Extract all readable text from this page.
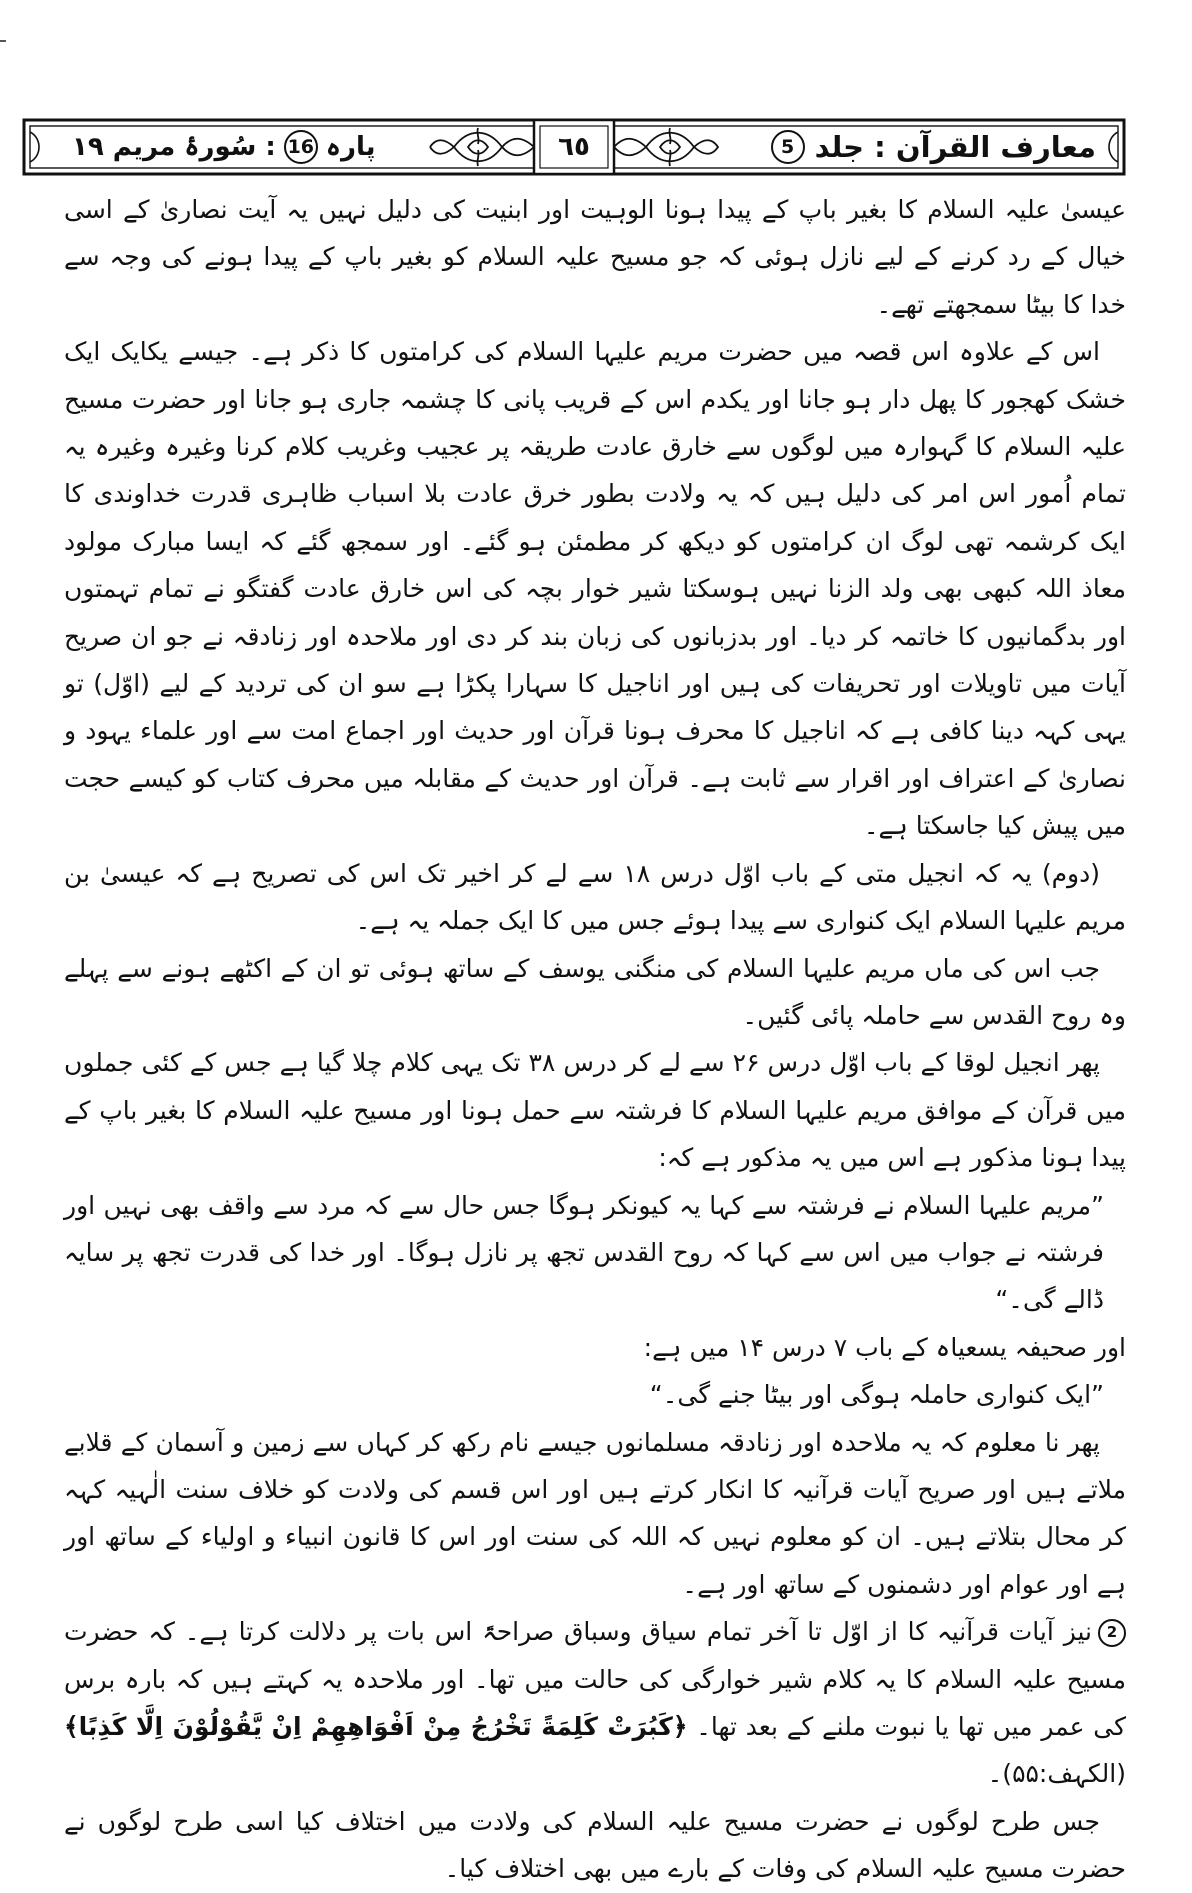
معارف القرآن : جلد
5
٦٥
پارہ
16
: سُورۂ مریم ۱۹

عیسیٰ علیہ السلام کا بغیر باپ کے پیدا ہونا الوہیت اور ابنیت کی دلیل نہیں یہ آیت نصاریٰ کے اسی خیال کے رد کرنے کے لیے نازل ہوئی کہ جو مسیح علیہ السلام کو بغیر باپ کے پیدا ہونے کی وجہ سے خدا کا بیٹا سمجھتے تھے۔

اس کے علاوہ اس قصہ میں حضرت مریم علیہا السلام کی کرامتوں کا ذکر ہے۔ جیسے یکایک ایک خشک کھجور کا پھل دار ہو جانا اور یکدم اس کے قریب پانی کا چشمہ جاری ہو جانا اور حضرت مسیح علیہ السلام کا گہوارہ میں لوگوں سے خارق عادت طریقہ پر عجیب وغریب کلام کرنا وغیرہ وغیرہ یہ تمام اُمور اس امر کی دلیل ہیں کہ یہ ولادت بطور خرق عادت بلا اسباب ظاہری قدرت خداوندی کا ایک کرشمہ تھی لوگ ان کرامتوں کو دیکھ کر مطمئن ہو گئے۔ اور سمجھ گئے کہ ایسا مبارک مولود معاذ اللہ کبھی بھی ولد الزنا نہیں ہوسکتا شیر خوار بچہ کی اس خارق عادت گفتگو نے تمام تہمتوں اور بدگمانیوں کا خاتمہ کر دیا۔ اور بدزبانوں کی زبان بند کر دی اور ملاحدہ اور زنادقہ نے جو ان صریح آیات میں تاویلات اور تحریفات کی ہیں اور اناجیل کا سہارا پکڑا ہے سو ان کی تردید کے لیے (اوّل) تو یہی کہہ دینا کافی ہے کہ اناجیل کا محرف ہونا قرآن اور حدیث اور اجماع امت سے اور علماء یہود و نصاریٰ کے اعتراف اور اقرار سے ثابت ہے۔ قرآن اور حدیث کے مقابلہ میں محرف کتاب کو کیسے حجت میں پیش کیا جاسکتا ہے۔

(دوم) یہ کہ انجیل متی کے باب اوّل درس ۱۸ سے لے کر اخیر تک اس کی تصریح ہے کہ عیسیٰ بن مریم علیہا السلام ایک کنواری سے پیدا ہوئے جس میں کا ایک جملہ یہ ہے۔

جب اس کی ماں مریم علیہا السلام کی منگنی یوسف کے ساتھ ہوئی تو ان کے اکٹھے ہونے سے پہلے وہ روح القدس سے حاملہ پائی گئیں۔

پھر انجیل لوقا کے باب اوّل درس ۲۶ سے لے کر درس ۳۸ تک یہی کلام چلا گیا ہے جس کے کئی جملوں میں قرآن کے موافق مریم علیہا السلام کا فرشتہ سے حمل ہونا اور مسیح علیہ السلام کا بغیر باپ کے پیدا ہونا مذکور ہے اس میں یہ مذکور ہے کہ:

”مریم علیہا السلام نے فرشتہ سے کہا یہ کیونکر ہوگا جس حال سے کہ مرد سے واقف بھی نہیں اور فرشتہ نے جواب میں اس سے کہا کہ روح القدس تجھ پر نازل ہوگا۔ اور خدا کی قدرت تجھ پر سایہ ڈالے گی۔“

اور صحیفہ یسعیاہ کے باب ۷ درس ۱۴ میں ہے:

”ایک کنواری حاملہ ہوگی اور بیٹا جنے گی۔“

پھر نا معلوم کہ یہ ملاحدہ اور زنادقہ مسلمانوں جیسے نام رکھ کر کہاں سے زمین و آسمان کے قلابے ملاتے ہیں اور صریح آیات قرآنیہ کا انکار کرتے ہیں اور اس قسم کی ولادت کو خلاف سنت الٰہیہ کہہ کر محال بتلاتے ہیں۔ ان کو معلوم نہیں کہ اللہ کی سنت اور اس کا قانون انبیاء و اولیاء کے ساتھ اور ہے اور عوام اور دشمنوں کے ساتھ اور ہے۔

2نیز آیات قرآنیہ کا از اوّل تا آخر تمام سیاق وسباق صراحۃً اس بات پر دلالت کرتا ہے۔ کہ حضرت مسیح علیہ السلام کا یہ کلام شیر خوارگی کی حالت میں تھا۔ اور ملاحدہ یہ کہتے ہیں کہ بارہ برس کی عمر میں تھا یا نبوت ملنے کے بعد تھا۔ ﴿كَبُرَتْ كَلِمَةً تَخْرُجُ مِنْ اَفْوَاهِهِمْ اِنْ يَّقُوْلُوْنَ اِلَّا كَذِبًا﴾ (الکہف:۵۵)۔

جس طرح لوگوں نے حضرت مسیح علیہ السلام کی ولادت میں اختلاف کیا اسی طرح لوگوں نے حضرت مسیح علیہ السلام کی وفات کے بارے میں بھی اختلاف کیا۔
